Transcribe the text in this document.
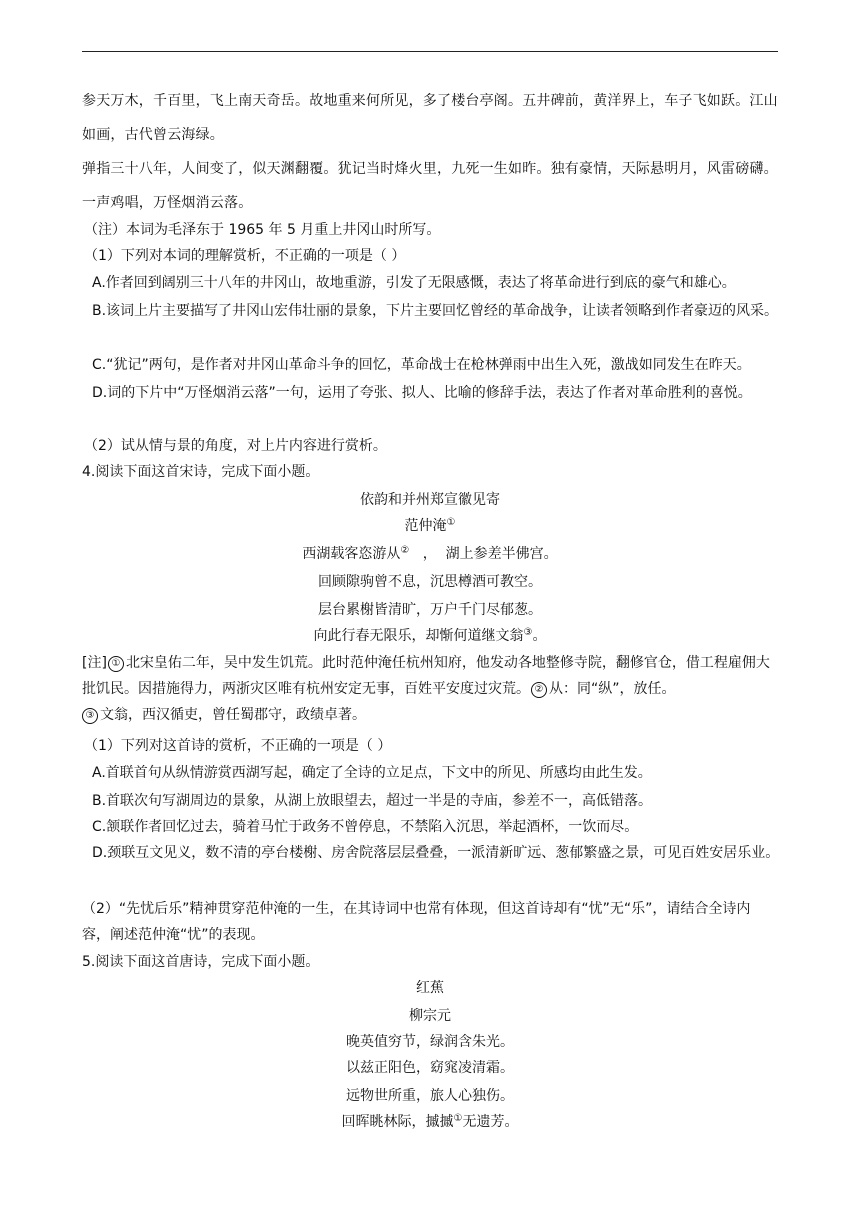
参天万木，千百里，飞上南天奇岳。故地重来何所见，多了楼台亭阁。五井碑前，黄洋界上，车子飞如跃。江山如画，古代曾云海绿。
弹指三十八年，人间变了，似天渊翻覆。犹记当时烽火里，九死一生如昨。独有豪情，天际悬明月，风雷磅礴。一声鸡唱，万怪烟消云落。
（注）本词为毛泽东于 1965 年 5 月重上井冈山时所写。
（1）下列对本词的理解赏析，不正确的一项是（ ）
A.作者回到阔别三十八年的井冈山，故地重游，引发了无限感慨，表达了将革命进行到底的豪气和雄心。
B.该词上片主要描写了井冈山宏伟壮丽的景象，下片主要回忆曾经的革命战争，让读者领略到作者豪迈的风采。
C.“犹记”两句，是作者对井冈山革命斗争的回忆，革命战士在枪林弹雨中出生入死，激战如同发生在昨天。
D.词的下片中“万怪烟消云落”一句，运用了夸张、拟人、比喻的修辞手法，表达了作者对革命胜利的喜悦。
（2）试从情与景的角度，对上片内容进行赏析。
4.阅读下面这首宋诗，完成下面小题。
依韵和并州郑宣徽见寄
范仲淹①
西湖载客恣游从②   ，  湖上参差半佛宫。
回顾隙驹曾不息，沉思樽酒可教空。
层台累榭皆清旷，万户千门尽郁葱。
向此行春无限乐，却惭何道继文翁③。
[注] ① 北宋皇佑二年，吴中发生饥荒。此时范仲淹任杭州知府，他发动各地整修寺院，翻修官仓，借工程雇佣大批饥民。因措施得力，两浙灾区唯有杭州安定无事，百姓平安度过灾荒。 ② 从：同“纵”，放任。
③ 文翁，西汉循吏，曾任蜀郡守，政绩卓著。
（1）下列对这首诗的赏析，不正确的一项是（ ）
A.首联首句从纵情游赏西湖写起，确定了全诗的立足点，下文中的所见、所感均由此生发。
B.首联次句写湖周边的景象，从湖上放眼望去，超过一半是的寺庙，参差不一，高低错落。
C.颔联作者回忆过去，骑着马忙于政务不曾停息，不禁陷入沉思，举起酒杯，一饮而尽。
D.颈联互文见义，数不清的亭台楼榭、房舍院落层层叠叠，一派清新旷远、葱郁繁盛之景，可见百姓安居乐业。
（2）“先忧后乐”精神贯穿范仲淹的一生，在其诗词中也常有体现，但这首诗却有“忧”无“乐”，请结合全诗内容，阐述范仲淹“忧”的表现。
5.阅读下面这首唐诗，完成下面小题。
红蕉
柳宗元
晚英值穷节，绿润含朱光。
以兹正阳色，窈窕凌清霜。
远物世所重，旅人心独伤。
回晖眺林际，摵摵①无遗芳。
